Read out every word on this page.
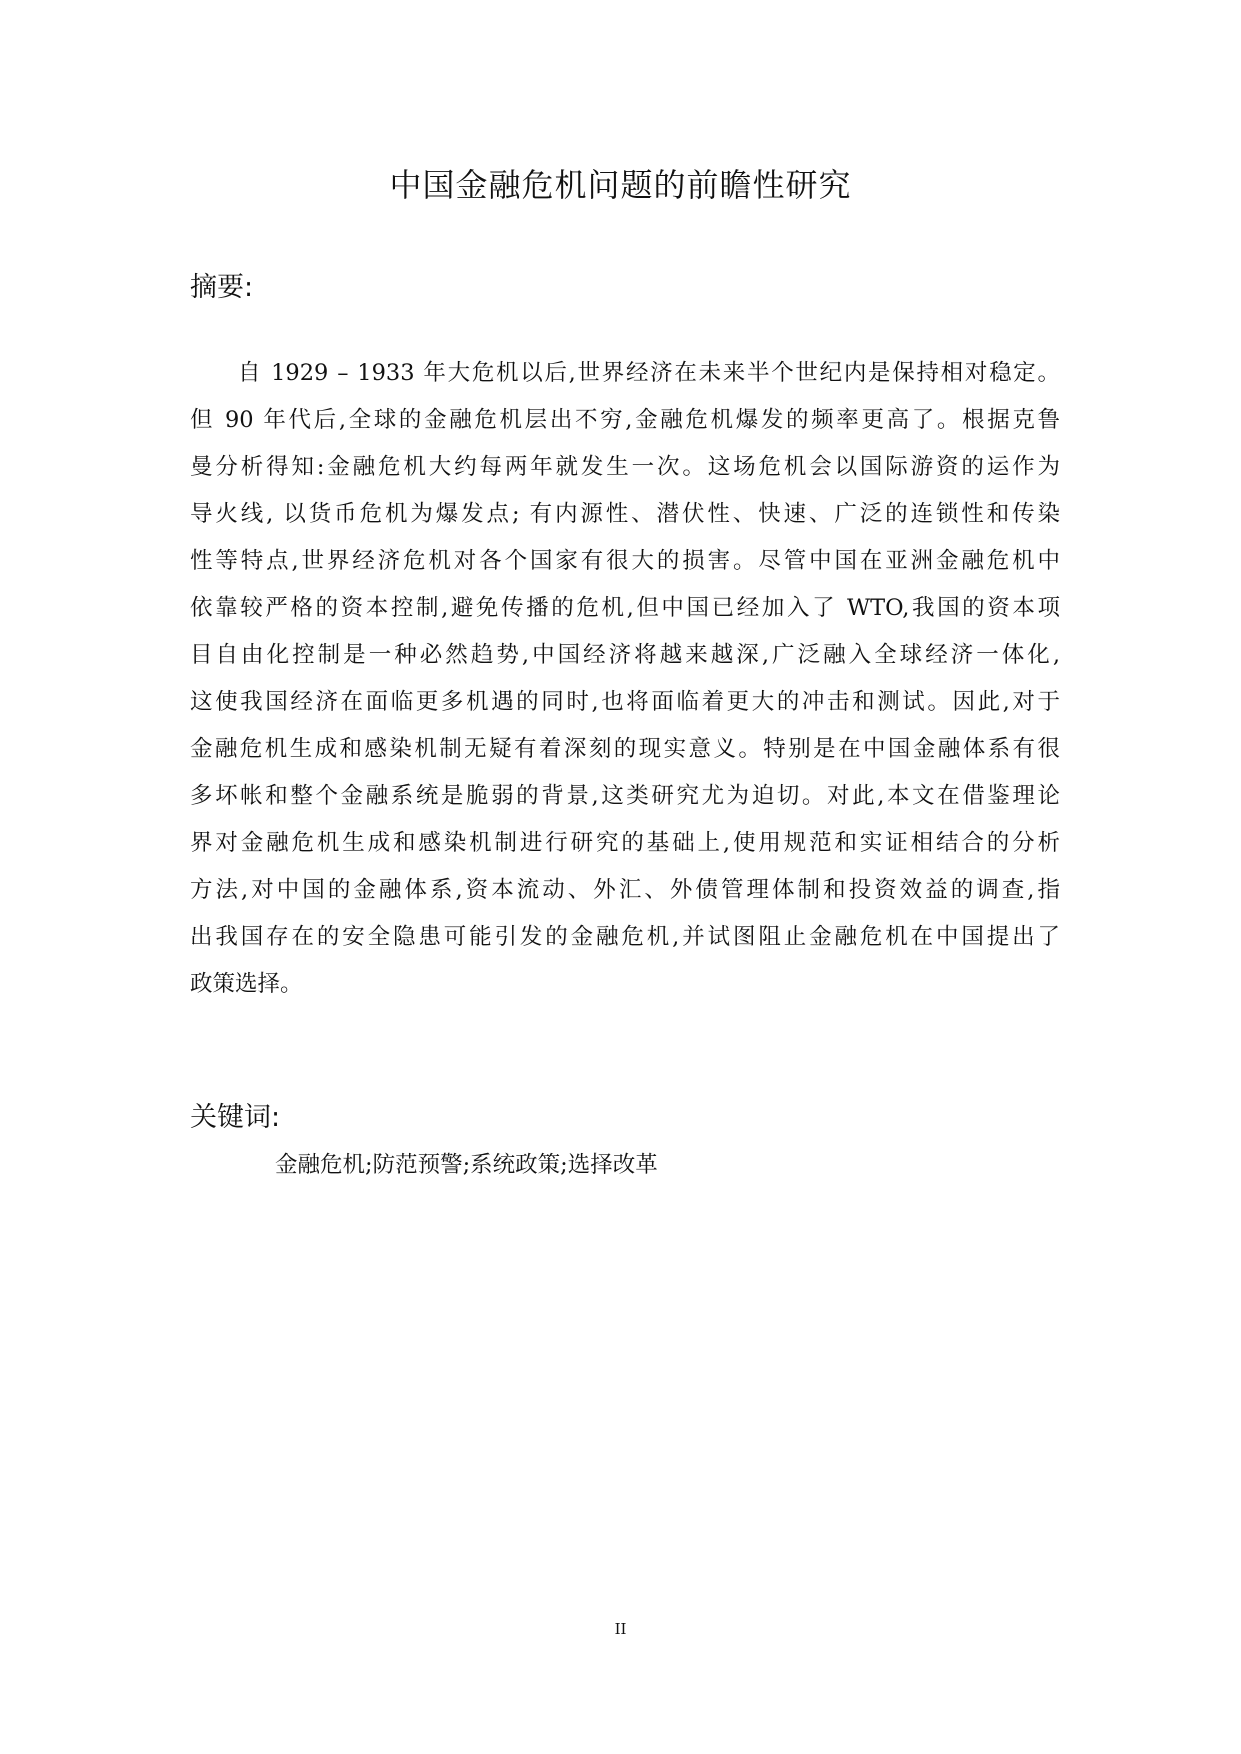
中国金融危机问题的前瞻性研究
摘要:
自 1929 – 1933 年大危机以后,世界经济在未来半个世纪内是保持相对稳定。
但 90 年代后,全球的金融危机层出不穷,金融危机爆发的频率更高了。根据克鲁
曼分析得知:金融危机大约每两年就发生一次。这场危机会以国际游资的运作为
导火线, 以货币危机为爆发点; 有内源性、潜伏性、快速、广泛的连锁性和传染
性等特点,世界经济危机对各个国家有很大的损害。尽管中国在亚洲金融危机中
依靠较严格的资本控制,避免传播的危机,但中国已经加入了 WTO,我国的资本项
目自由化控制是一种必然趋势,中国经济将越来越深,广泛融入全球经济一体化,
这使我国经济在面临更多机遇的同时,也将面临着更大的冲击和测试。因此,对于
金融危机生成和感染机制无疑有着深刻的现实意义。特别是在中国金融体系有很
多坏帐和整个金融系统是脆弱的背景,这类研究尤为迫切。对此,本文在借鉴理论
界对金融危机生成和感染机制进行研究的基础上,使用规范和实证相结合的分析
方法,对中国的金融体系,资本流动、外汇、外债管理体制和投资效益的调查,指
出我国存在的安全隐患可能引发的金融危机,并试图阻止金融危机在中国提出了
政策选择。
关键词:

金融危机;防范预警;系统政策;选择改革

II
